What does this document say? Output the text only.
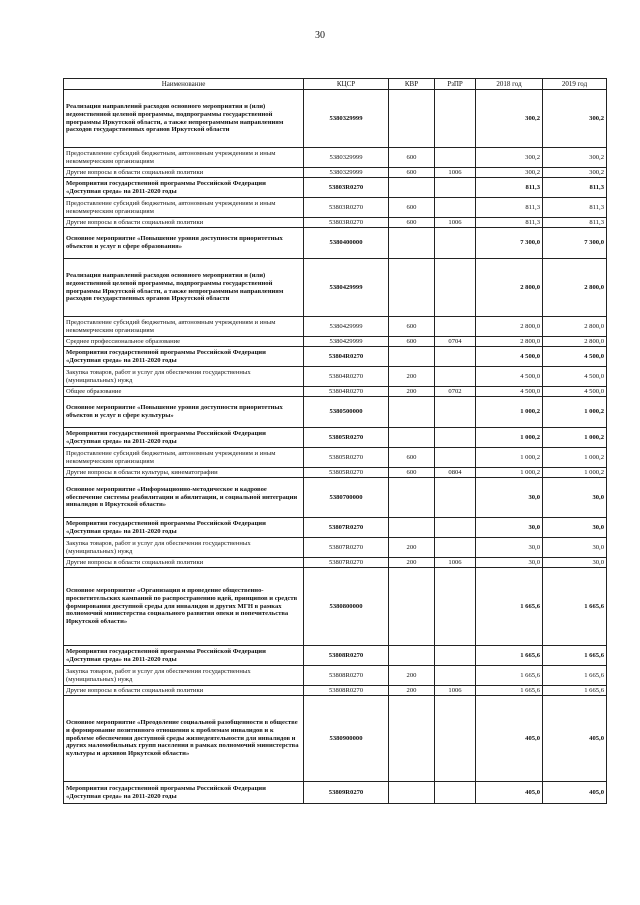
30
Наименование	КЦСР	КВР	РзПР	2018 год	2019 год
Реализация направлений расходов основного мероприятия и (или) ведомственной целевой программы, подпрограммы государственной программы Иркутской области, а также непрограммным направлениям расходов государственных органов Иркутской области	5380329999			300,2	300,2
Предоставление субсидий бюджетным, автономным учреждениям и иным некоммерческим организациям	5380329999	600		300,2	300,2
Другие вопросы в области социальной политики	5380329999	600	1006	300,2	300,2
Мероприятия государственной программы Российской Федерации «Доступная среда» на 2011-2020 годы	53803R0270			811,3	811,3
Предоставление субсидий бюджетным, автономным учреждениям и иным некоммерческим организациям	53803R0270	600		811,3	811,3
Другие вопросы в области социальной политики	53803R0270	600	1006	811,3	811,3
Основное мероприятие «Повышение уровня доступности приоритетных объектов и услуг в сфере образования»	5380400000			7 300,0	7 300,0
Реализация направлений расходов основного мероприятия и (или) ведомственной целевой программы, подпрограммы государственной программы Иркутской области, а также непрограммным направлениям расходов государственных органов Иркутской области	5380429999			2 800,0	2 800,0
Предоставление субсидий бюджетным, автономным учреждениям и иным некоммерческим организациям	5380429999	600		2 800,0	2 800,0
Среднее профессиональное образование	5380429999	600	0704	2 800,0	2 800,0
Мероприятия государственной программы Российской Федерации «Доступная среда» на 2011-2020 годы	53804R0270			4 500,0	4 500,0
Закупка товаров, работ и услуг для обеспечения государственных (муниципальных) нужд	53804R0270	200		4 500,0	4 500,0
Общее образование	53804R0270	200	0702	4 500,0	4 500,0
Основное мероприятие «Повышение уровня доступности приоритетных объектов и услуг в сфере культуры»	5380500000			1 000,2	1 000,2
Мероприятия государственной программы Российской Федерации «Доступная среда» на 2011-2020 годы	53805R0270			1 000,2	1 000,2
Предоставление субсидий бюджетным, автономным учреждениям и иным некоммерческим организациям	53805R0270	600		1 000,2	1 000,2
Другие вопросы в области культуры, кинематографии	53805R0270	600	0804	1 000,2	1 000,2
Основное мероприятие «Информационно-методическое и кадровое обеспечение системы реабилитации и абилитации, и социальной интеграции инвалидов в Иркутской области»	5380700000			30,0	30,0
Мероприятия государственной программы Российской Федерации «Доступная среда» на 2011-2020 годы	53807R0270			30,0	30,0
Закупка товаров, работ и услуг для обеспечения государственных (муниципальных) нужд	53807R0270	200		30,0	30,0
Другие вопросы в области социальной политики	53807R0270	200	1006	30,0	30,0
Основное мероприятие «Организация и проведение общественно-просветительских кампаний по распространению идей, принципов и средств формирования доступной среды для инвалидов и других МГН в рамках полномочий министерства социального развития опеки и попечительства Иркутской области»	5380800000			1 665,6	1 665,6
Мероприятия государственной программы Российской Федерации «Доступная среда» на 2011-2020 годы	53808R0270			1 665,6	1 665,6
Закупка товаров, работ и услуг для обеспечения государственных (муниципальных) нужд	53808R0270	200		1 665,6	1 665,6
Другие вопросы в области социальной политики	53808R0270	200	1006	1 665,6	1 665,6
Основное мероприятие «Преодоление социальной разобщенности в обществе и формирование позитивного отношения к проблемам инвалидов и к проблеме обеспечения доступной среды жизнедеятельности для инвалидов и других маломобильных групп населения в рамках полномочий министерства культуры и архивов Иркутской области»	5380900000			405,0	405,0
Мероприятия государственной программы Российской Федерации «Доступная среда» на 2011-2020 годы	53809R0270			405,0	405,0
